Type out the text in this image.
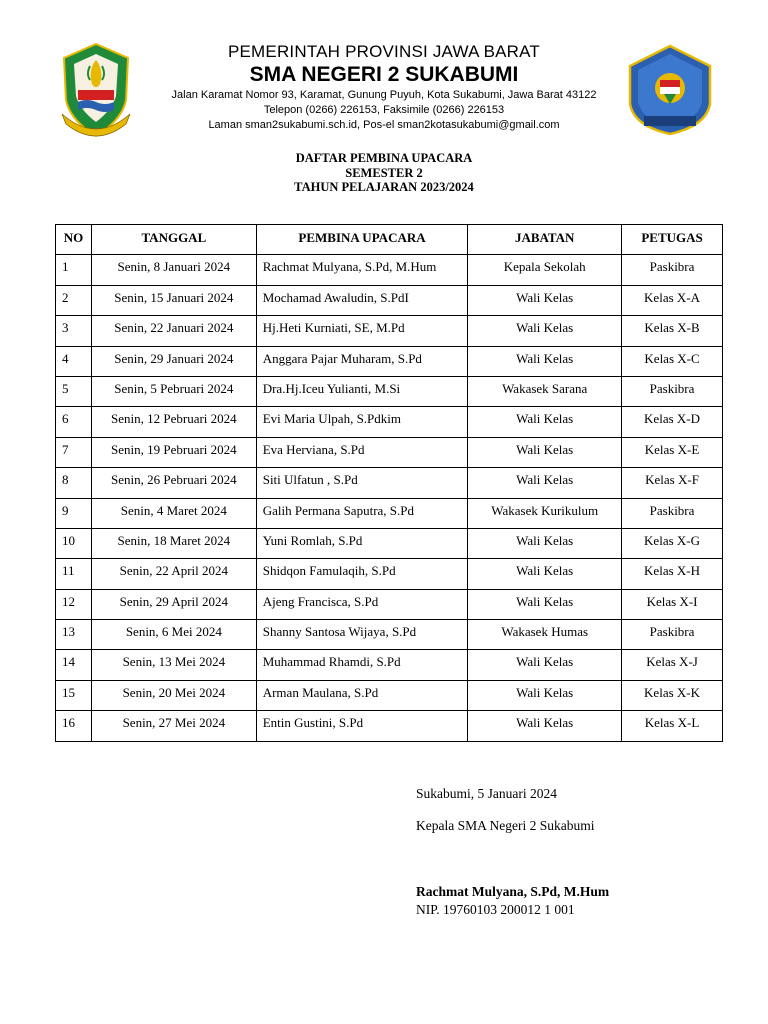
PEMERINTAH PROVINSI JAWA BARAT
SMA NEGERI 2 SUKABUMI
Jalan Karamat Nomor 93, Karamat, Gunung Puyuh, Kota Sukabumi, Jawa Barat 43122
Telepon (0266) 226153, Faksimile (0266) 226153
Laman sman2sukabumi.sch.id, Pos-el sman2kotasukabumi@gmail.com
DAFTAR PEMBINA UPACARA
SEMESTER 2
TAHUN PELAJARAN 2023/2024
NO	TANGGAL	PEMBINA UPACARA	JABATAN	PETUGAS
1	Senin, 8 Januari 2024	Rachmat Mulyana, S.Pd, M.Hum	Kepala Sekolah	Paskibra
2	Senin, 15 Januari 2024	Mochamad Awaludin, S.PdI	Wali Kelas	Kelas X-A
3	Senin, 22 Januari 2024	Hj.Heti Kurniati, SE, M.Pd	Wali Kelas	Kelas X-B
4	Senin, 29 Januari 2024	Anggara Pajar Muharam, S.Pd	Wali Kelas	Kelas X-C
5	Senin, 5 Pebruari 2024	Dra.Hj.Iceu Yulianti, M.Si	Wakasek Sarana	Paskibra
6	Senin, 12 Pebruari 2024	Evi Maria Ulpah, S.Pdkim	Wali Kelas	Kelas X-D
7	Senin, 19 Pebruari 2024	Eva Herviana, S.Pd	Wali Kelas	Kelas X-E
8	Senin, 26 Pebruari 2024	Siti Ulfatun , S.Pd	Wali Kelas	Kelas X-F
9	Senin, 4 Maret 2024	Galih Permana Saputra, S.Pd	Wakasek Kurikulum	Paskibra
10	Senin, 18 Maret 2024	Yuni Romlah, S.Pd	Wali Kelas	Kelas X-G
11	Senin, 22 April 2024	Shidqon Famulaqih, S.Pd	Wali Kelas	Kelas X-H
12	Senin, 29 April 2024	Ajeng Francisca, S.Pd	Wali Kelas	Kelas X-I
13	Senin, 6 Mei 2024	Shanny Santosa Wijaya, S.Pd	Wakasek Humas	Paskibra
14	Senin, 13 Mei 2024	Muhammad Rhamdi, S.Pd	Wali Kelas	Kelas X-J
15	Senin, 20 Mei 2024	Arman Maulana, S.Pd	Wali Kelas	Kelas X-K
16	Senin, 27 Mei 2024	Entin Gustini, S.Pd	Wali Kelas	Kelas X-L
Sukabumi, 5 Januari 2024
Kepala SMA Negeri 2 Sukabumi
Rachmat Mulyana, S.Pd, M.Hum
NIP. 19760103 200012 1 001
